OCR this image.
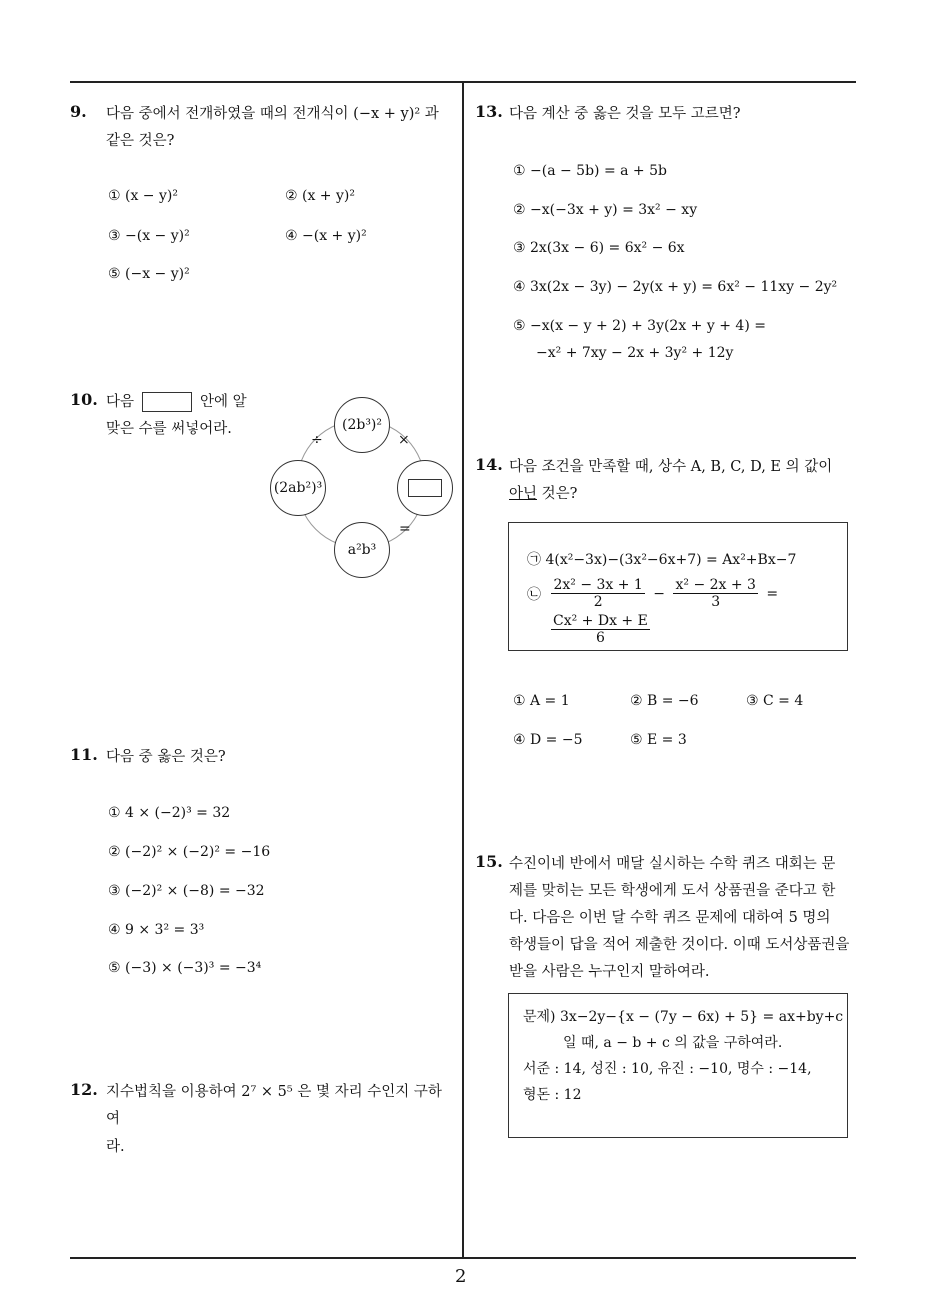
2
9. 다음 중에서 전개하였을 때의 전개식이 (−x + y)² 과
같은 것은?
① (x − y)²	② (x + y)²
③ −(x − y)²	④ −(x + y)²
⑤ (−x − y)²
10. 다음	안에 알
맞은 수를 써넣어라.	(2b³)²
(2ab²)³
a²b³
÷	×
=
11. 다음 중 옳은 것은?
① 4 × (−2)³ = 32
② (−2)² × (−2)² = −16
③ (−2)² × (−8) = −32
④ 9 × 3² = 3³
⑤ (−3) × (−3)³ = −3⁴
12. 지수법칙을 이용하여 2⁷ × 5⁵ 은 몇 자리 수인지 구하
여라.
13. 다음 계산 중 옳은 것을 모두 고르면?
① −(a − 5b) = a + 5b
② −x(−3x + y) = 3x² − xy
③ 2x(3x − 6) = 6x² − 6x
④ 3x(2x − 3y) − 2y(x + y) = 6x² − 11xy − 2y²
⑤ −x(x − y + 2) + 3y(2x + y + 4) =
−x² + 7xy − 2x + 3y² + 12y
14. 다음 조건을 만족할 때, 상수 A, B, C, D, E 의 값이
아닌 것은?
㉠ 4(x²−3x)−(3x²−6x+7) = Ax²+Bx−7
㉡ $\frac{\text{2x² − 3x + 1}}{2} - \frac{\text{x² − 2x + 3}}{3}$ =
$\frac{\text{Cx² + Dx + E}}{6}$
① A = 1	② B = −6	③ C = 4
④ D = −5	⑤ E = 3
15. 수진이네 반에서 매달 실시하는 수학 퀴즈 대회는 문
제를 맞히는 모든 학생에게 도서 상품권을 준다고 한
다. 다음은 이번 달 수학 퀴즈 문제에 대하여 5 명의
학생들이 답을 적어 제출한 것이다. 이때 도서상품권을
받을 사람은 누구인지 말하여라.
문제) 3x−2y−{x − (7y − 6x) + 5} = ax+by+c
일 때, a − b + c 의 값을 구하여라.
서준 : 14, 성진 : 10, 유진 : −10, 명수 : −14,
형돈 : 12
